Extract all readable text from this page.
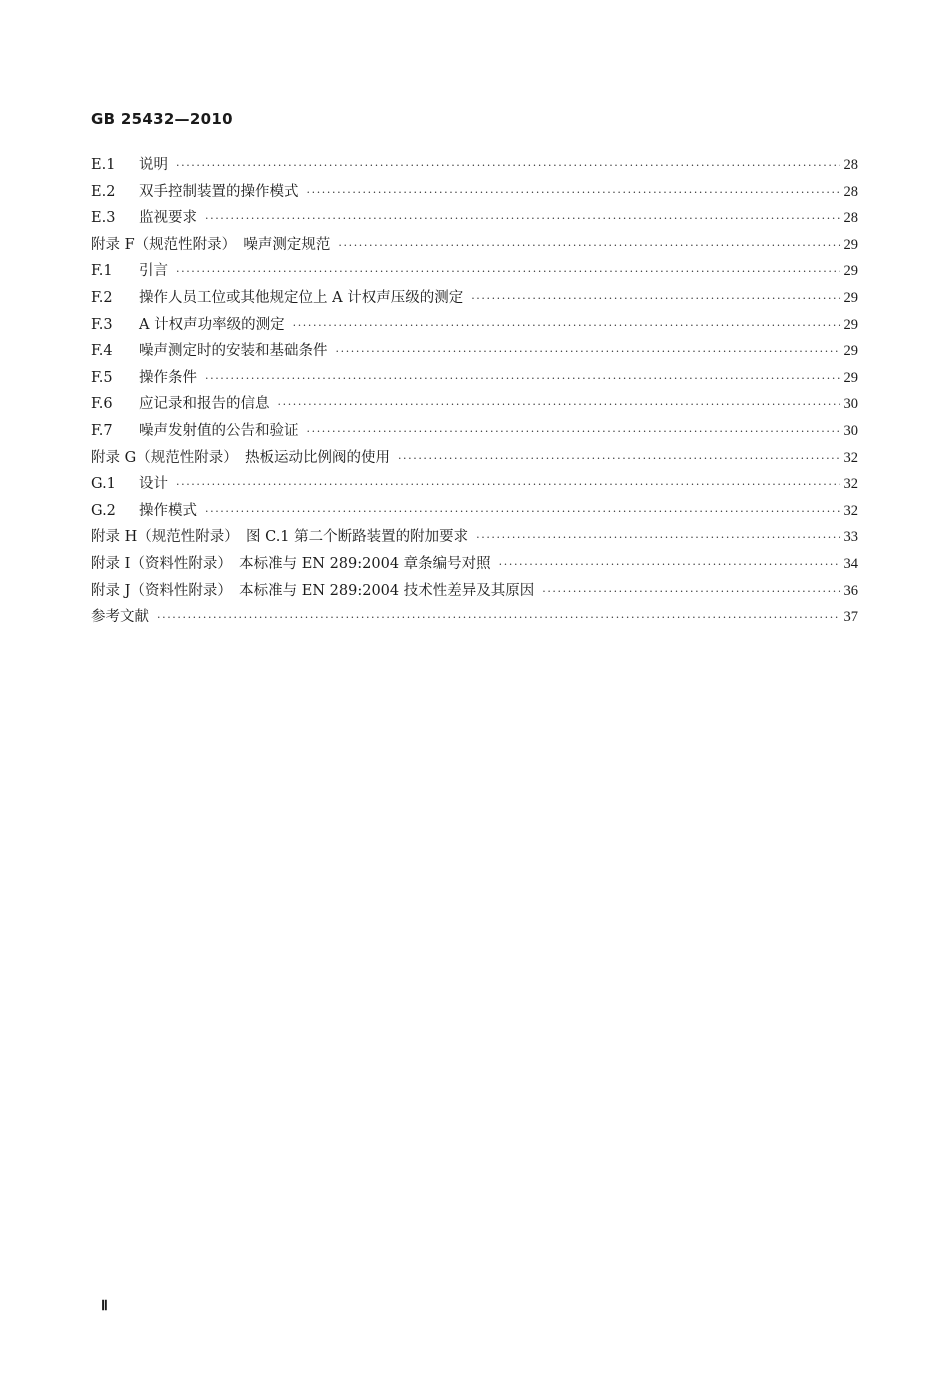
GB 25432—2010
E.1 说明 ·····	28
E.2 双手控制装置的操作模式 ·····	28
E.3 监视要求 ·····	28
附录 F（规范性附录）　噪声测定规范 ·····	29
F.1 引言 ·····	29
F.2 操作人员工位或其他规定位上 A 计权声压级的测定 ·····	29
F.3 A 计权声功率级的测定 ·····	29
F.4 噪声测定时的安装和基础条件 ·····	29
F.5 操作条件 ·····	29
F.6 应记录和报告的信息 ·····	30
F.7 噪声发射值的公告和验证 ·····	30
附录 G（规范性附录）　热板运动比例阀的使用 ·····	32
G.1 设计 ·····	32
G.2 操作模式 ·····	32
附录 H（规范性附录）　图 C.1 第二个断路装置的附加要求 ·····	33
附录 I（资料性附录）　本标准与 EN 289:2004 章条编号对照 ·····	34
附录 J（资料性附录）　本标准与 EN 289:2004 技术性差异及其原因 ·····	36
参考文献 ·····	37
Ⅱ
